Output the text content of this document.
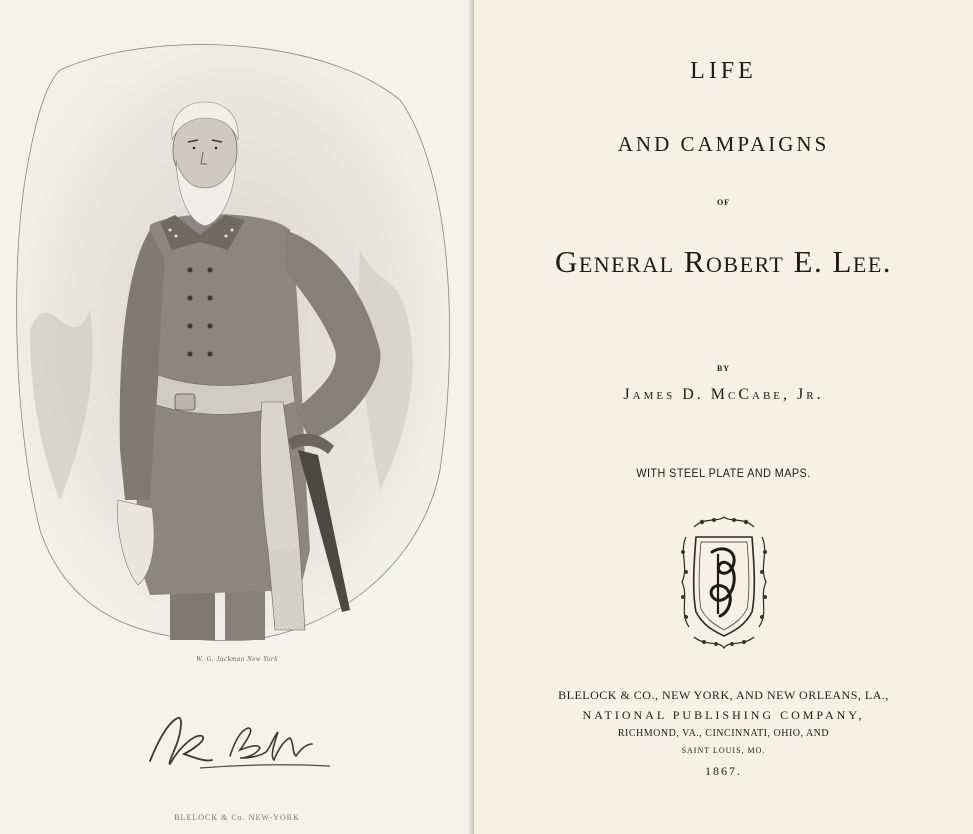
W. G. Jackman New York
BLELOCK & Co. NEW-YORK
LIFE
AND CAMPAIGNS
OF
General Robert E. Lee.
BY
James D. McCabe, Jr.
WITH STEEL PLATE AND MAPS.
BLELOCK & CO., NEW YORK, AND NEW ORLEANS, LA.,
NATIONAL PUBLISHING COMPANY,
RICHMOND, VA., CINCINNATI, OHIO, AND
SAINT LOUIS, MO.
1867.
